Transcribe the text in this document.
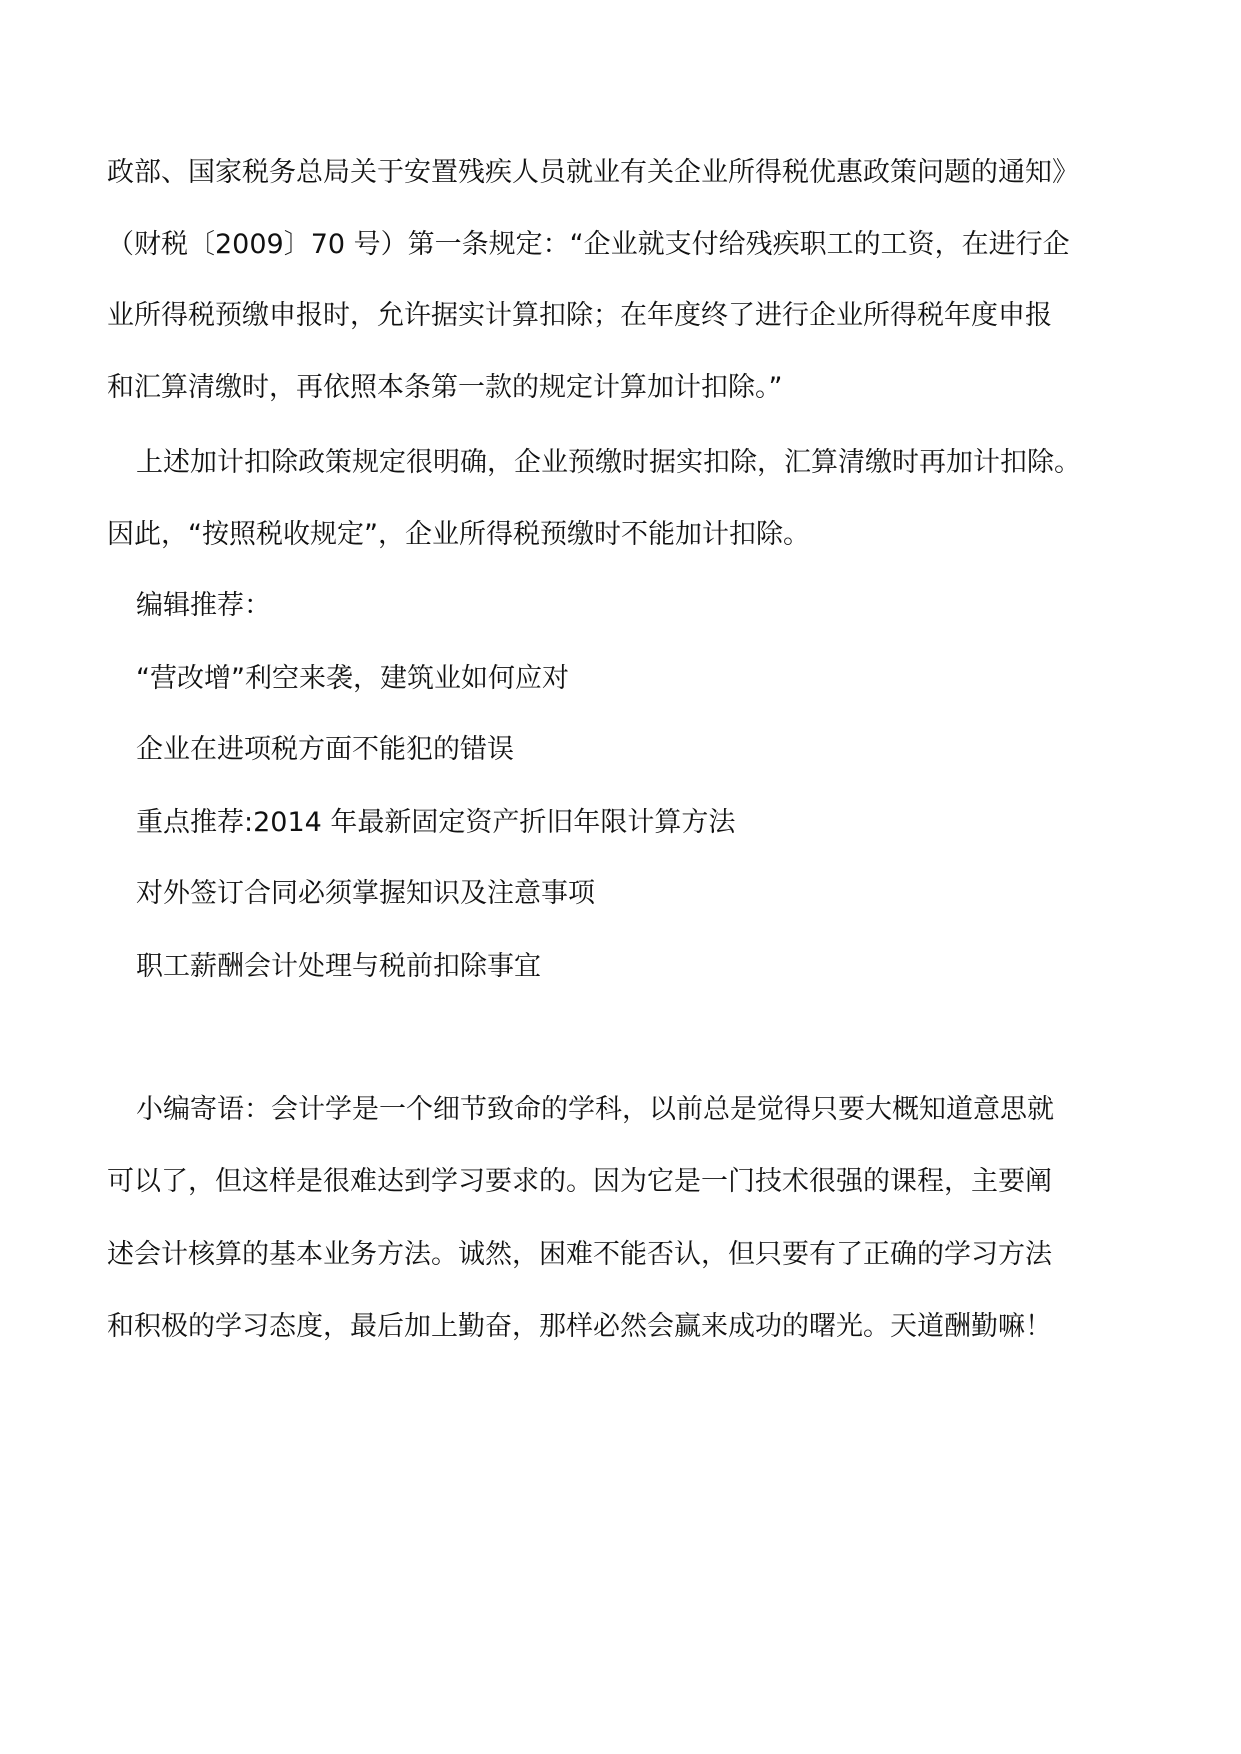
政部、国家税务总局关于安置残疾人员就业有关企业所得税优惠政策问题的通知》
（财税〔2009〕70 号）第一条规定：“企业就支付给残疾职工的工资，在进行企
业所得税预缴申报时，允许据实计算扣除；在年度终了进行企业所得税年度申报
和汇算清缴时，再依照本条第一款的规定计算加计扣除。”
上述加计扣除政策规定很明确，企业预缴时据实扣除，汇算清缴时再加计扣除。
因此，“按照税收规定”，企业所得税预缴时不能加计扣除。
编辑推荐：
“营改增”利空来袭，建筑业如何应对
企业在进项税方面不能犯的错误
重点推荐:2014 年最新固定资产折旧年限计算方法
对外签订合同必须掌握知识及注意事项
职工薪酬会计处理与税前扣除事宜
小编寄语：会计学是一个细节致命的学科，以前总是觉得只要大概知道意思就
可以了，但这样是很难达到学习要求的。因为它是一门技术很强的课程，主要阐
述会计核算的基本业务方法。诚然，困难不能否认，但只要有了正确的学习方法
和积极的学习态度，最后加上勤奋，那样必然会赢来成功的曙光。天道酬勤嘛！
